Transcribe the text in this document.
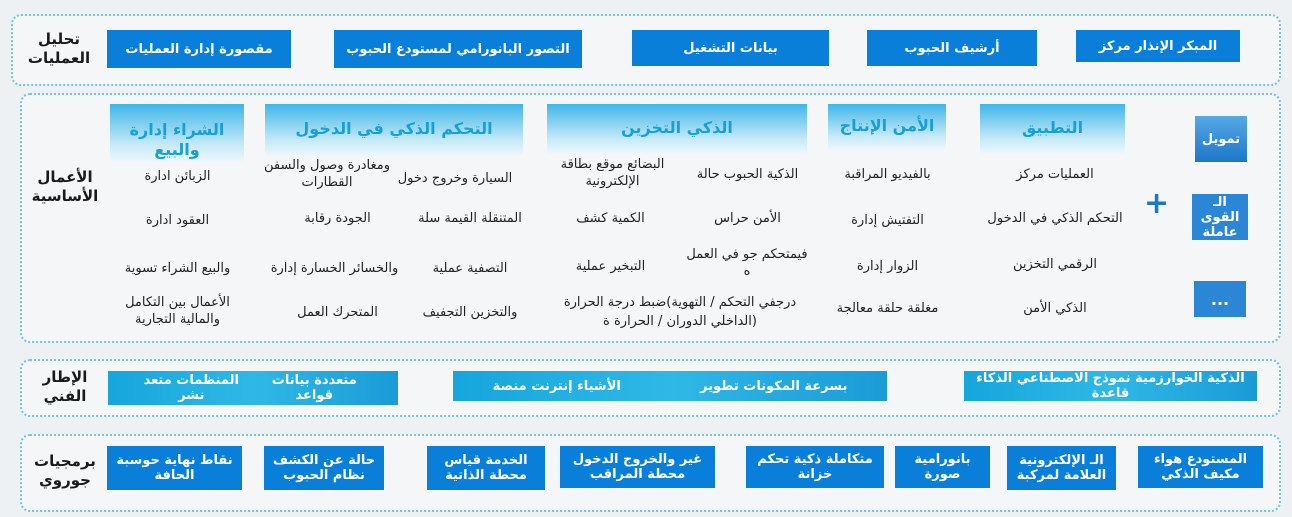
تحليل العمليات
المبكر الإنذار مركز
أرشيف الحبوب
بيانات التشغيل
التصور البانورامي لمستودع الحبوب
مقصورة إدارة العمليات
الأعمال الأساسية
التطبيق
العمليات مركز
التحكم الذكي في الدخول
الرقمي التخزين
الذكي الأمن
الأمن الإنتاج
بالفيديو المراقبة
التفتيش إدارة
الزوار إدارة
مغلقة حلقة معالجة
الذكي التخزين
الذكية الحبوب حالة
البضائع موقع بطاقة الإلكترونية
الأمن حراس
الكمية كشف
فيمتحكم جو في العمل ه
التبخير عملية
درجفي التحكم / التهوية)ضبط درجة الحرارة
(الداخلي الدوران / الحرارة ة
التحكم الذكي في الدخول
السيارة وخروج دخول
ومغادرة وصول والسفن القطارات
المتنقلة القيمة سلة
الجودة رقابة
التصفية عملية
والخسائر الخسارة إدارة
والتخزين التجفيف
المتحرك العمل
الشراء إدارة والبيع
الزبائن ادارة
العقود ادارة
والبيع الشراء تسوية
الأعمال بين التكامل والمالية التجارية
+
تمويل
الـ القوى عاملة
...
الإطار الفني
متعددة بيانات قواعد
المنظمات متعد نشر
بسرعة المكونات تطوير
الأشياء إنترنت منصة	الذكية الخوارزمية نموذج الاصطناعي الذكاء قاعدة
برمجيات جوروي
المستودع هواء مكيف الذكي
الـ الإلكترونية العلامة لمركبة
بانورامية صورة
متكاملة ذكية تحكم خزانة
غير والخروج الدخول محطة المراقب
الخدمة قياس محطة الذاتية
حالة عن الكشف نظام الحبوب
نقاط نهاية حوسبة الحافة
